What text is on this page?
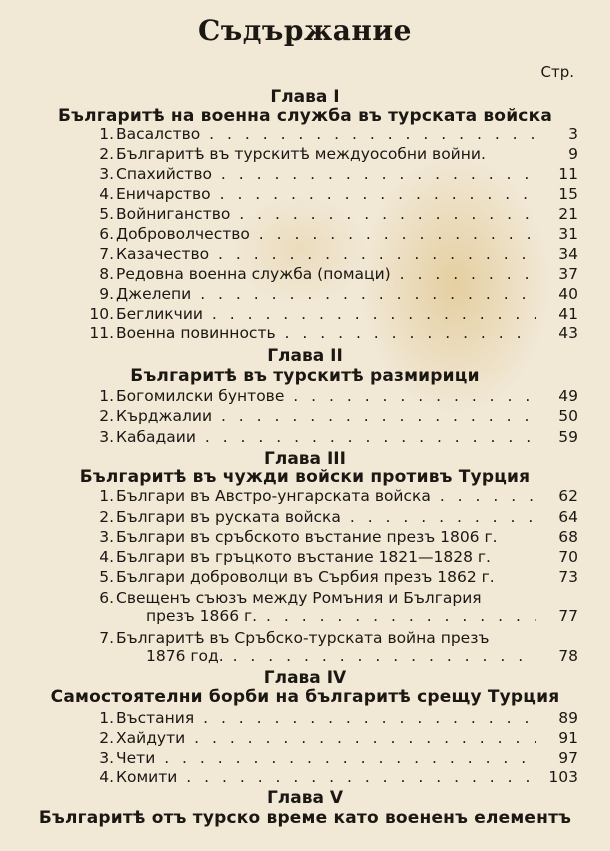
Съдържание
Стр.
Глава I
Българитѣ на военна служба въ турската войска
1. Васалство . . .	3
2. Българитѣ въ турскитѣ междуособни войни.	9
3. Спахийство . . .	11
4. Еничарство . . .	15
5. Войниганство . . .	21
6. Доброволчество . . .	31
7. Казачество . . .	34
8. Редовна военна служба (помаци) . . .	37
9. Джелепи . . .	40
10. Бегликчии . . .	41
11. Военна повинность . . .	43
Глава II
Българитѣ въ турскитѣ размирици
1. Богомилски бунтове . . .	49
2. Кърджалии . . .	50
3. Кабадаии . . .	59
Глава III
Българитѣ въ чужди войски противъ Турция
1. Българи въ Австро-унгарската войска . . .	62
2. Българи въ руската войска . . .	64
3. Българи въ сръбското въстание презъ 1806 г.	68
4. Българи въ гръцкото въстание 1821—1828 г.	70
5. Българи доброволци въ Сърбия презъ 1862 г.	73
6. Свещенъ съюзъ между Ромъния и България
презъ 1866 г. . . .	77
7. Българитѣ въ Сръбско-турската война презъ
1876 год. . . .	78
Глава IV
Самостоятелни борби на българитѣ срещу Турция
1. Въстания . . .	89
2. Хайдути . . .	91
3. Чети . . .	97
4. Комити . . .	103
Глава V
Българитѣ отъ турско време като воененъ елементъ
